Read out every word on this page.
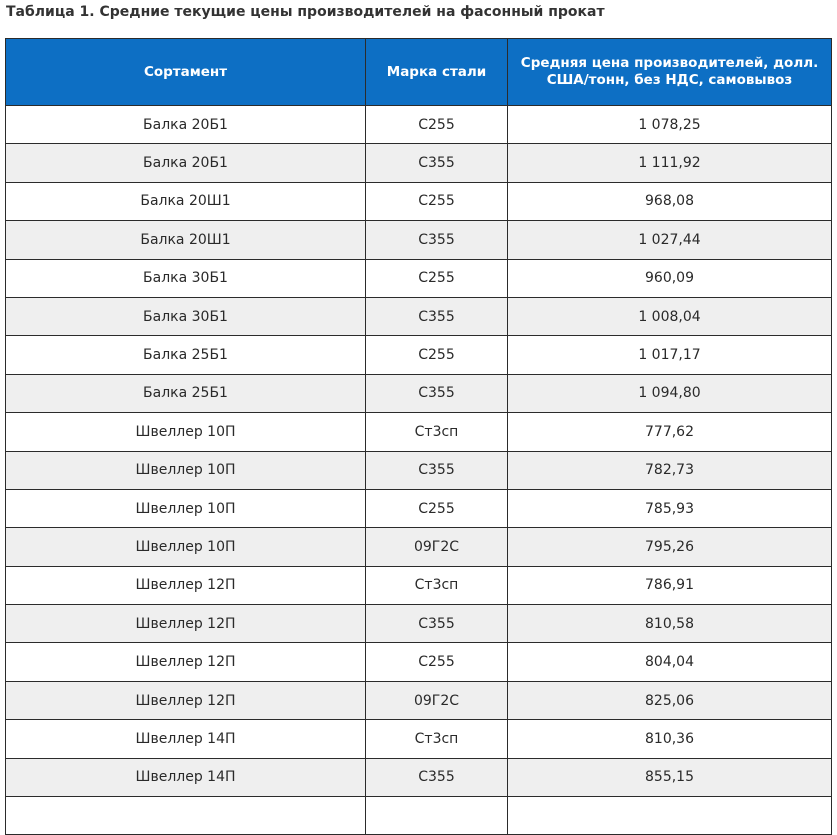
Таблица 1. Средние текущие цены производителей на фасонный прокат
Сортамент	Марка стали	Средняя цена производителей, долл. США/тонн, без НДС, самовывоз
Балка 20Б1	С255	1 078,25
Балка 20Б1	С355	1 111,92
Балка 20Ш1	С255	968,08
Балка 20Ш1	С355	1 027,44
Балка 30Б1	С255	960,09
Балка 30Б1	С355	1 008,04
Балка 25Б1	С255	1 017,17
Балка 25Б1	С355	1 094,80
Швеллер 10П	Ст3сп	777,62
Швеллер 10П	С355	782,73
Швеллер 10П	С255	785,93
Швеллер 10П	09Г2С	795,26
Швеллер 12П	Ст3сп	786,91
Швеллер 12П	С355	810,58
Швеллер 12П	С255	804,04
Швеллер 12П	09Г2С	825,06
Швеллер 14П	Ст3сп	810,36
Швеллер 14П	С355	855,15
